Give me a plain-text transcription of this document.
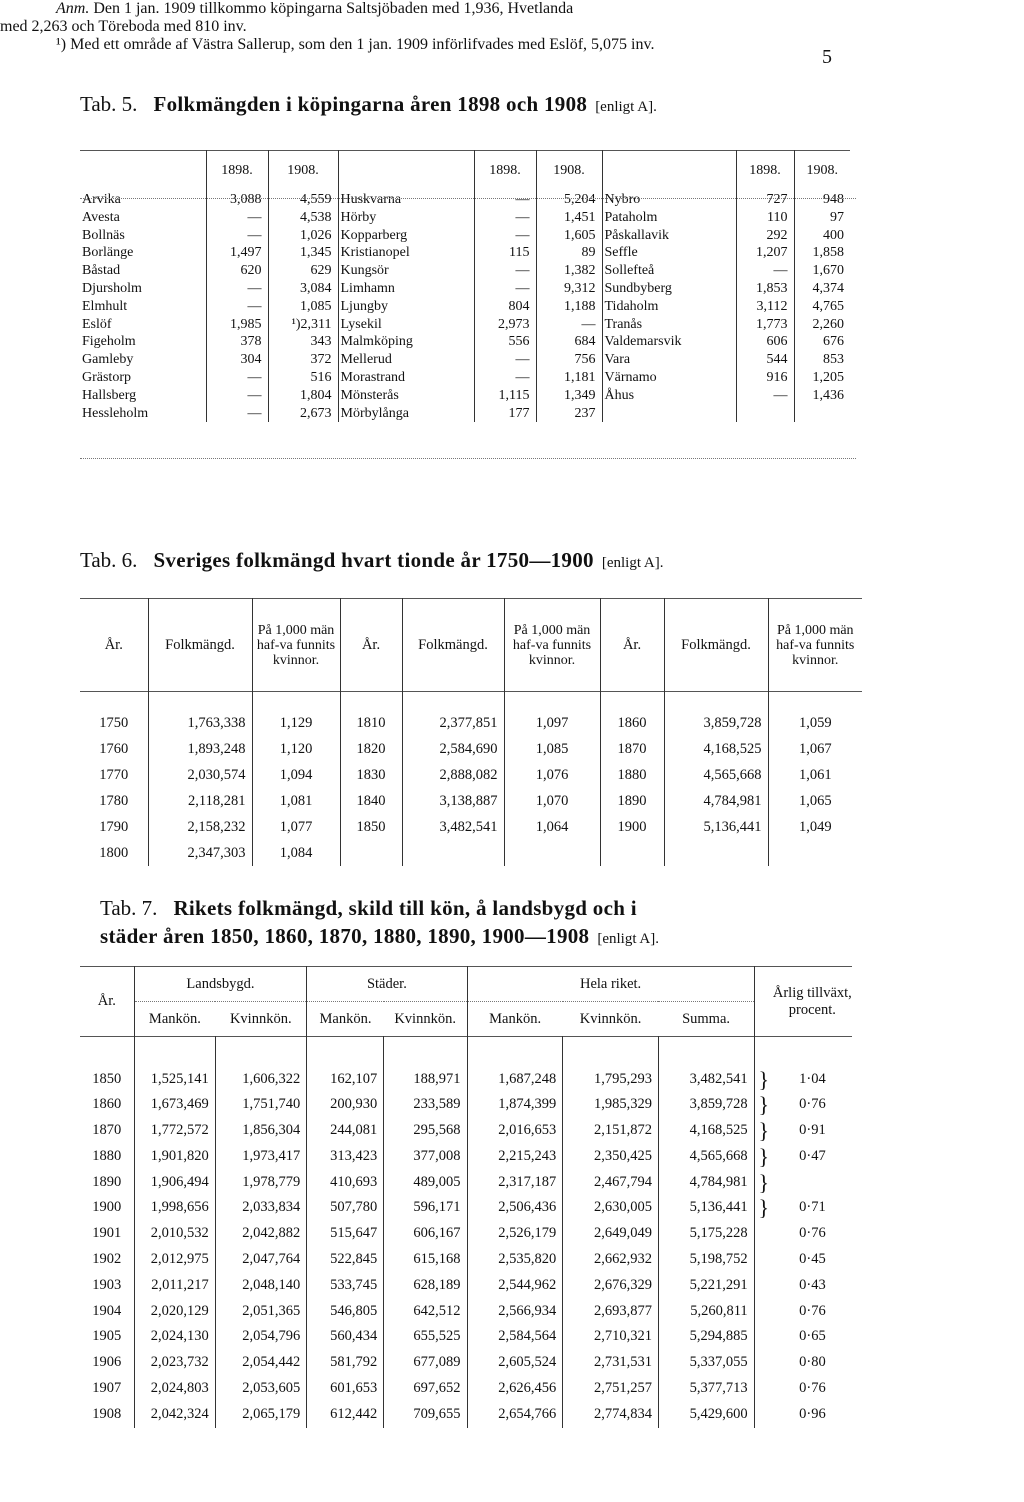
5
Tab. 5. Folkmängden i köpingarna åren 1898 och 1908 [enligt A].
	1898.	1908.		1898.	1908.		1898.	1908.
Arvika	3,088	4,559	Huskvarna	—	5,204	Nybro	727	948
Avesta	—	4,538	Hörby	—	1,451	Pataholm	110	97
Bollnäs	—	1,026	Kopparberg	—	1,605	Påskallavik	292	400
Borlänge	1,497	1,345	Kristianopel	115	89	Seffle	1,207	1,858
Båstad	620	629	Kungsör	—	1,382	Sollefteå	—	1,670
Djursholm	—	3,084	Limhamn	—	9,312	Sundbyberg	1,853	4,374
Elmhult	—	1,085	Ljungby	804	1,188	Tidaholm	3,112	4,765
Eslöf	1,985	¹)2,311	Lysekil	2,973	—	Tranås	1,773	2,260
Figeholm	378	343	Malmköping	556	684	Valdemarsvik	606	676
Gamleby	304	372	Mellerud	—	756	Vara	544	853
Grästorp	—	516	Morastrand	—	1,181	Värnamo	916	1,205
Hallsberg	—	1,804	Mönsterås	1,115	1,349	Åhus	—	1,436
Hessleholm	—	2,673	Mörbylånga	177	237			
Anm. Den 1 jan. 1909 tillkommo köpingarna Saltsjöbaden med 1,936, Hvetlanda
med 2,263 och Töreboda med 810 inv.
¹) Med ett område af Västra Sallerup, som den 1 jan. 1909 införlifvades med Eslöf, 5,075 inv.
Tab. 6. Sveriges folkmängd hvart tionde år 1750—1900 [enligt A].
År.	Folkmängd.	På 1,000 män haf-va funnits kvinnor.	År.	Folkmängd.	På 1,000 män haf-va funnits kvinnor.	År.	Folkmängd.	På 1,000 män haf-va funnits kvinnor.

1750	1,763,338	1,129	1810	2,377,851	1,097	1860	3,859,728	1,059
1760	1,893,248	1,120	1820	2,584,690	1,085	1870	4,168,525	1,067
1770	2,030,574	1,094	1830	2,888,082	1,076	1880	4,565,668	1,061
1780	2,118,281	1,081	1840	3,138,887	1,070	1890	4,784,981	1,065
1790	2,158,232	1,077	1850	3,482,541	1,064	1900	5,136,441	1,049
1800	2,347,303	1,084						
Tab. 7. Rikets folkmängd, skild till kön, å landsbygd och i
städer åren 1850, 1860, 1870, 1880, 1890, 1900—1908 [enligt A].
År.	Landsbygd.		Städer.		Hela riket.			Årlig tillväxt, procent.	
	Mankön.	Kvinnkön.	Mankön.	Kvinnkön.	Mankön.	Kvinnkön.	Summa.		

1850	1,525,141	1,606,322	162,107	188,971	1,687,248	1,795,293	3,482,541	}	1·04
1860	1,673,469	1,751,740	200,930	233,589	1,874,399	1,985,329	3,859,728	}	0·76
1870	1,772,572	1,856,304	244,081	295,568	2,016,653	2,151,872	4,168,525	}	0·91
1880	1,901,820	1,973,417	313,423	377,008	2,215,243	2,350,425	4,565,668	}	0·47
1890	1,906,494	1,978,779	410,693	489,005	2,317,187	2,467,794	4,784,981	}	
1900	1,998,656	2,033,834	507,780	596,171	2,506,436	2,630,005	5,136,441	}	0·71
1901	2,010,532	2,042,882	515,647	606,167	2,526,179	2,649,049	5,175,228		0·76
1902	2,012,975	2,047,764	522,845	615,168	2,535,820	2,662,932	5,198,752		0·45
1903	2,011,217	2,048,140	533,745	628,189	2,544,962	2,676,329	5,221,291		0·43
1904	2,020,129	2,051,365	546,805	642,512	2,566,934	2,693,877	5,260,811		0·76
1905	2,024,130	2,054,796	560,434	655,525	2,584,564	2,710,321	5,294,885		0·65
1906	2,023,732	2,054,442	581,792	677,089	2,605,524	2,731,531	5,337,055		0·80
1907	2,024,803	2,053,605	601,653	697,652	2,626,456	2,751,257	5,377,713		0·76
1908	2,042,324	2,065,179	612,442	709,655	2,654,766	2,774,834	5,429,600		0·96
